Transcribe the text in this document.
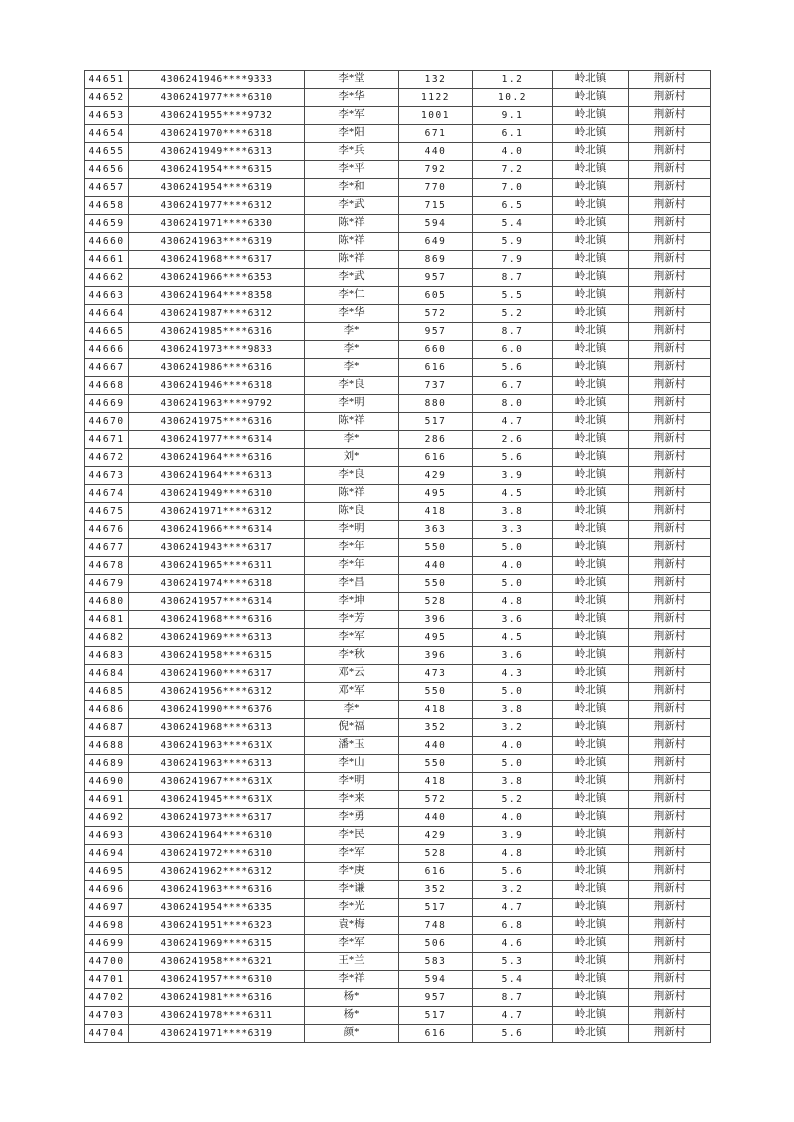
44651	4306241946****9333	李*堂	132	1.2	岭北镇	荆新村
44652	4306241977****6310	李*华	1122	10.2	岭北镇	荆新村
44653	4306241955****9732	李*军	1001	9.1	岭北镇	荆新村
44654	4306241970****6318	李*阳	671	6.1	岭北镇	荆新村
44655	4306241949****6313	李*兵	440	4.0	岭北镇	荆新村
44656	4306241954****6315	李*平	792	7.2	岭北镇	荆新村
44657	4306241954****6319	李*和	770	7.0	岭北镇	荆新村
44658	4306241977****6312	李*武	715	6.5	岭北镇	荆新村
44659	4306241971****6330	陈*祥	594	5.4	岭北镇	荆新村
44660	4306241963****6319	陈*祥	649	5.9	岭北镇	荆新村
44661	4306241968****6317	陈*祥	869	7.9	岭北镇	荆新村
44662	4306241966****6353	李*武	957	8.7	岭北镇	荆新村
44663	4306241964****8358	李*仁	605	5.5	岭北镇	荆新村
44664	4306241987****6312	李*华	572	5.2	岭北镇	荆新村
44665	4306241985****6316	李*	957	8.7	岭北镇	荆新村
44666	4306241973****9833	李*	660	6.0	岭北镇	荆新村
44667	4306241986****6316	李*	616	5.6	岭北镇	荆新村
44668	4306241946****6318	李*良	737	6.7	岭北镇	荆新村
44669	4306241963****9792	李*明	880	8.0	岭北镇	荆新村
44670	4306241975****6316	陈*祥	517	4.7	岭北镇	荆新村
44671	4306241977****6314	李*	286	2.6	岭北镇	荆新村
44672	4306241964****6316	刘*	616	5.6	岭北镇	荆新村
44673	4306241964****6313	李*良	429	3.9	岭北镇	荆新村
44674	4306241949****6310	陈*祥	495	4.5	岭北镇	荆新村
44675	4306241971****6312	陈*良	418	3.8	岭北镇	荆新村
44676	4306241966****6314	李*明	363	3.3	岭北镇	荆新村
44677	4306241943****6317	李*年	550	5.0	岭北镇	荆新村
44678	4306241965****6311	李*年	440	4.0	岭北镇	荆新村
44679	4306241974****6318	李*昌	550	5.0	岭北镇	荆新村
44680	4306241957****6314	李*坤	528	4.8	岭北镇	荆新村
44681	4306241968****6316	李*芳	396	3.6	岭北镇	荆新村
44682	4306241969****6313	李*军	495	4.5	岭北镇	荆新村
44683	4306241958****6315	李*秋	396	3.6	岭北镇	荆新村
44684	4306241960****6317	邓*云	473	4.3	岭北镇	荆新村
44685	4306241956****6312	邓*军	550	5.0	岭北镇	荆新村
44686	4306241990****6376	李*	418	3.8	岭北镇	荆新村
44687	4306241968****6313	倪*福	352	3.2	岭北镇	荆新村
44688	4306241963****631X	潘*玉	440	4.0	岭北镇	荆新村
44689	4306241963****6313	李*山	550	5.0	岭北镇	荆新村
44690	4306241967****631X	李*明	418	3.8	岭北镇	荆新村
44691	4306241945****631X	李*来	572	5.2	岭北镇	荆新村
44692	4306241973****6317	李*勇	440	4.0	岭北镇	荆新村
44693	4306241964****6310	李*民	429	3.9	岭北镇	荆新村
44694	4306241972****6310	李*军	528	4.8	岭北镇	荆新村
44695	4306241962****6312	李*庚	616	5.6	岭北镇	荆新村
44696	4306241963****6316	李*谦	352	3.2	岭北镇	荆新村
44697	4306241954****6335	李*光	517	4.7	岭北镇	荆新村
44698	4306241951****6323	袁*梅	748	6.8	岭北镇	荆新村
44699	4306241969****6315	李*军	506	4.6	岭北镇	荆新村
44700	4306241958****6321	王*兰	583	5.3	岭北镇	荆新村
44701	4306241957****6310	李*祥	594	5.4	岭北镇	荆新村
44702	4306241981****6316	杨*	957	8.7	岭北镇	荆新村
44703	4306241978****6311	杨*	517	4.7	岭北镇	荆新村
44704	4306241971****6319	颜*	616	5.6	岭北镇	荆新村
